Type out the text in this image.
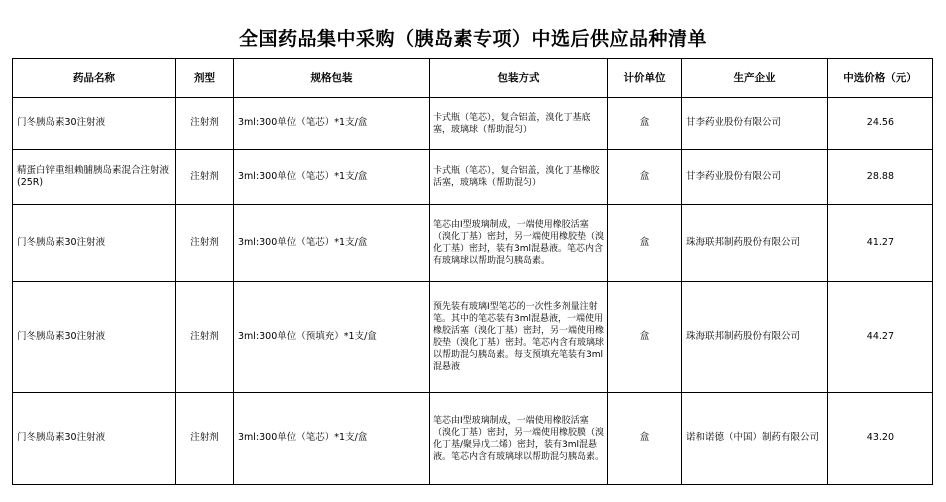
全国药品集中采购（胰岛素专项）中选后供应品种清单
药品名称	剂型	规格包装	包装方式	计价单位	生产企业	中选价格（元）
门冬胰岛素30注射液	注射剂	3ml:300单位（笔芯）*1支/盒	卡式瓶（笔芯），复合铝盖，溴化丁基底塞，玻璃球（帮助混匀）	盒	甘李药业股份有限公司	24.56
精蛋白锌重组赖脯胰岛素混合注射液(25R)	注射剂	3ml:300单位（笔芯）*1支/盒	卡式瓶（笔芯），复合铝盖，溴化丁基橡胶活塞，玻璃珠（帮助混匀）	盒	甘李药业股份有限公司	28.88
门冬胰岛素30注射液	注射剂	3ml:300单位（笔芯）*1支/盒	笔芯由Ⅰ型玻璃制成，一端使用橡胶活塞（溴化丁基）密封，另一端使用橡胶垫（溴化丁基）密封，装有3ml混悬液。笔芯内含有玻璃球以帮助混匀胰岛素。	盒	珠海联邦制药股份有限公司	41.27
门冬胰岛素30注射液	注射剂	3ml:300单位（预填充）*1支/盒	预先装有玻璃Ⅰ型笔芯的一次性多剂量注射笔。其中的笔芯装有3ml混悬液，一端使用橡胶活塞（溴化丁基）密封，另一端使用橡胶垫（溴化丁基）密封。笔芯内含有玻璃球以帮助混匀胰岛素。每支预填充笔装有3ml混悬液	盒	珠海联邦制药股份有限公司	44.27
门冬胰岛素30注射液	注射剂	3ml:300单位（笔芯）*1支/盒	笔芯由Ⅰ型玻璃制成，一端使用橡胶活塞（溴化丁基）密封，另一端使用橡胶膜（溴化丁基/聚异戊二烯）密封，装有3ml混悬液。笔芯内含有玻璃球以帮助混匀胰岛素。	盒	诺和诺德（中国）制药有限公司	43.20
